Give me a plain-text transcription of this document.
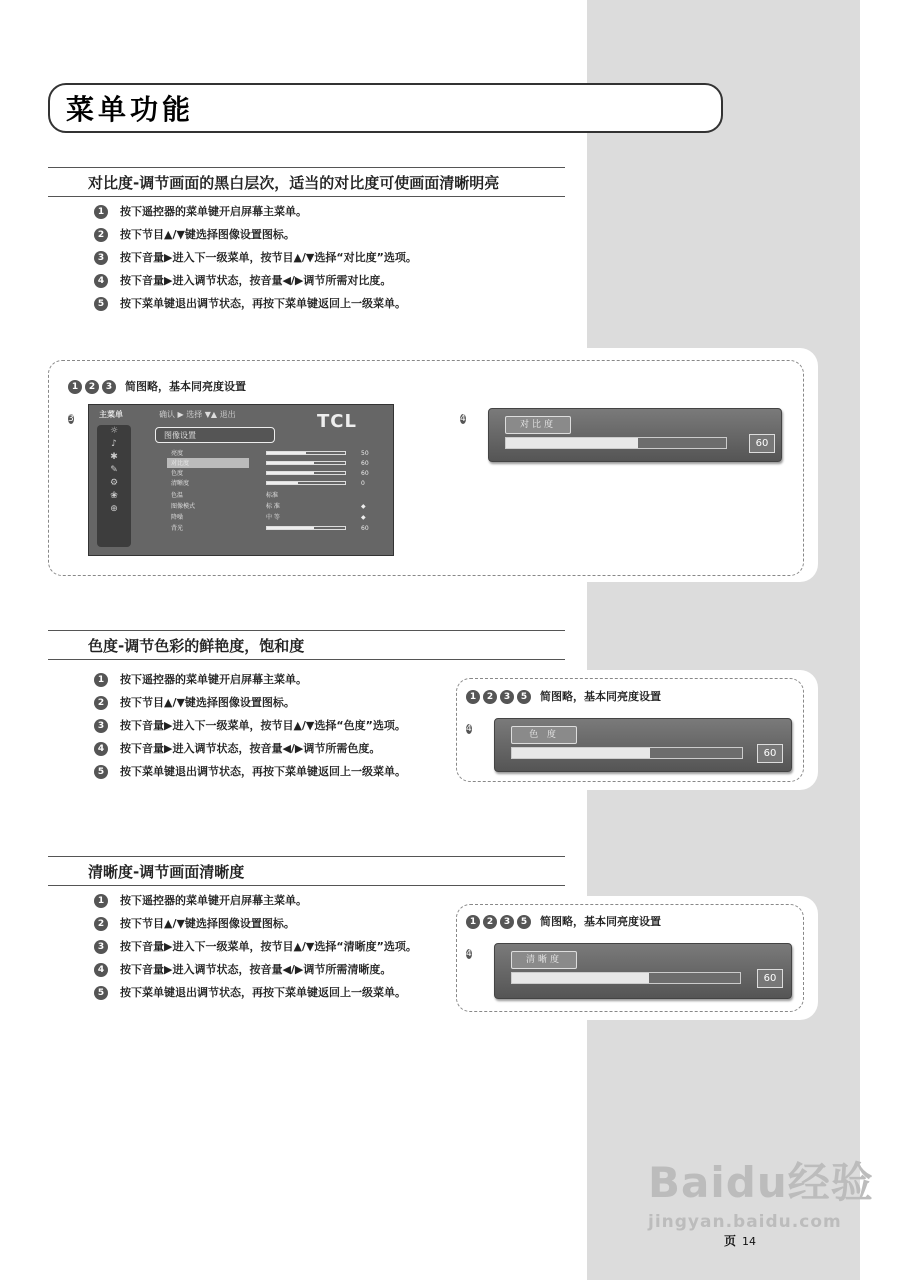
菜单功能
对比度-调节画面的黑白层次，适当的对比度可使画面清晰明亮
1	按下遥控器的菜单键开启屏幕主菜单。
2	按下节目▲/▼键选择图像设置图标。
3	按下音量▶进入下一级菜单，按节目▲/▼选择“对比度”选项。
4	按下音量▶进入调节状态，按音量◀/▶调节所需对比度。
5	按下菜单键退出调节状态，再按下菜单键返回上一级菜单。
1	2	3	简图略，基本同亮度设置
3	主菜单	确认 ▶ 选择 ▼▲ 退出	TCL
☼
♪
✱
✎
⚙
❀
⊕
图像设置
亮度	50
对比度	60
色度	60
清晰度	0
色温	标准
图像模式	标 准	◆
降噪	中 等	◆
背光	60
4
对比度
60
色度-调节色彩的鲜艳度，饱和度
1	按下遥控器的菜单键开启屏幕主菜单。
2	按下节目▲/▼键选择图像设置图标。
3	按下音量▶进入下一级菜单，按节目▲/▼选择“色度”选项。
4	按下音量▶进入调节状态，按音量◀/▶调节所需色度。
5	按下菜单键退出调节状态，再按下菜单键返回上一级菜单。
1	2	3	5	简图略，基本同亮度设置
4
色 度
60
清晰度-调节画面清晰度
1	按下遥控器的菜单键开启屏幕主菜单。
2	按下节目▲/▼键选择图像设置图标。
3	按下音量▶进入下一级菜单，按节目▲/▼选择“清晰度”选项。
4	按下音量▶进入调节状态，按音量◀/▶调节所需清晰度。
5	按下菜单键退出调节状态，再按下菜单键返回上一级菜单。
1	2	3	5	简图略，基本同亮度设置
4
清晰度
60
Baidu经验
jingyan.baidu.com
页 14
